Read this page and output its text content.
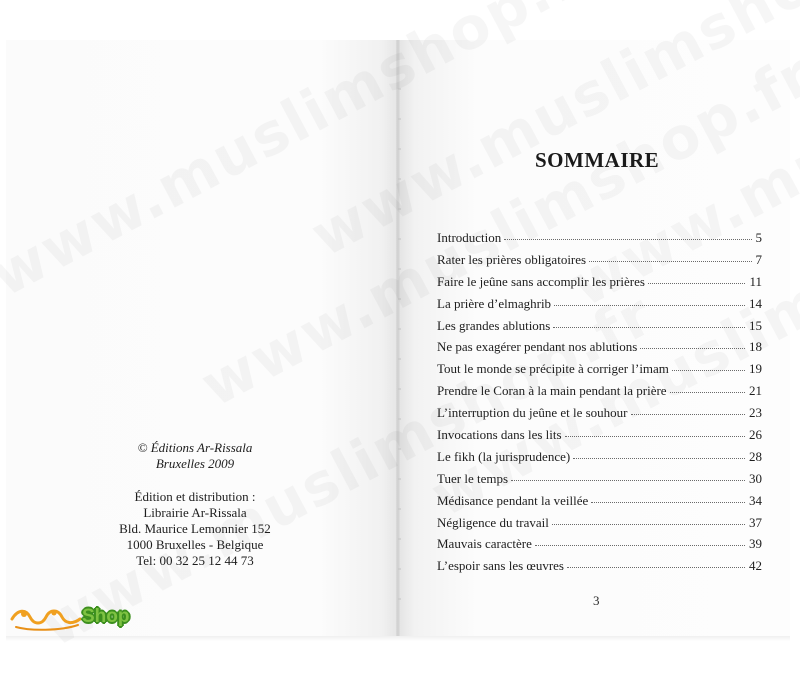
© Éditions Ar-Rissala
Bruxelles 2009
Édition et distribution :
Librairie Ar-Rissala
Bld. Maurice Lemonnier 152
1000 Bruxelles - Belgique
Tel: 00 32 25 12 44 73
Shop
SOMMAIRE
Introduction	5
Rater les prières obligatoires	7
Faire le jeûne sans accomplir les prières	11
La prière d’elmaghrib	14
Les grandes ablutions	15
Ne pas exagérer pendant nos ablutions	18
Tout le monde se précipite à corriger l’imam	19
Prendre le Coran à la main pendant la prière	21
L’interruption du jeûne et le souhour	23
Invocations dans les lits	26
Le fikh (la jurisprudence)	28
Tuer le temps	30
Médisance pendant la veillée	34
Négligence du travail	37
Mauvais caractère	39
L’espoir sans les œuvres	42
3
